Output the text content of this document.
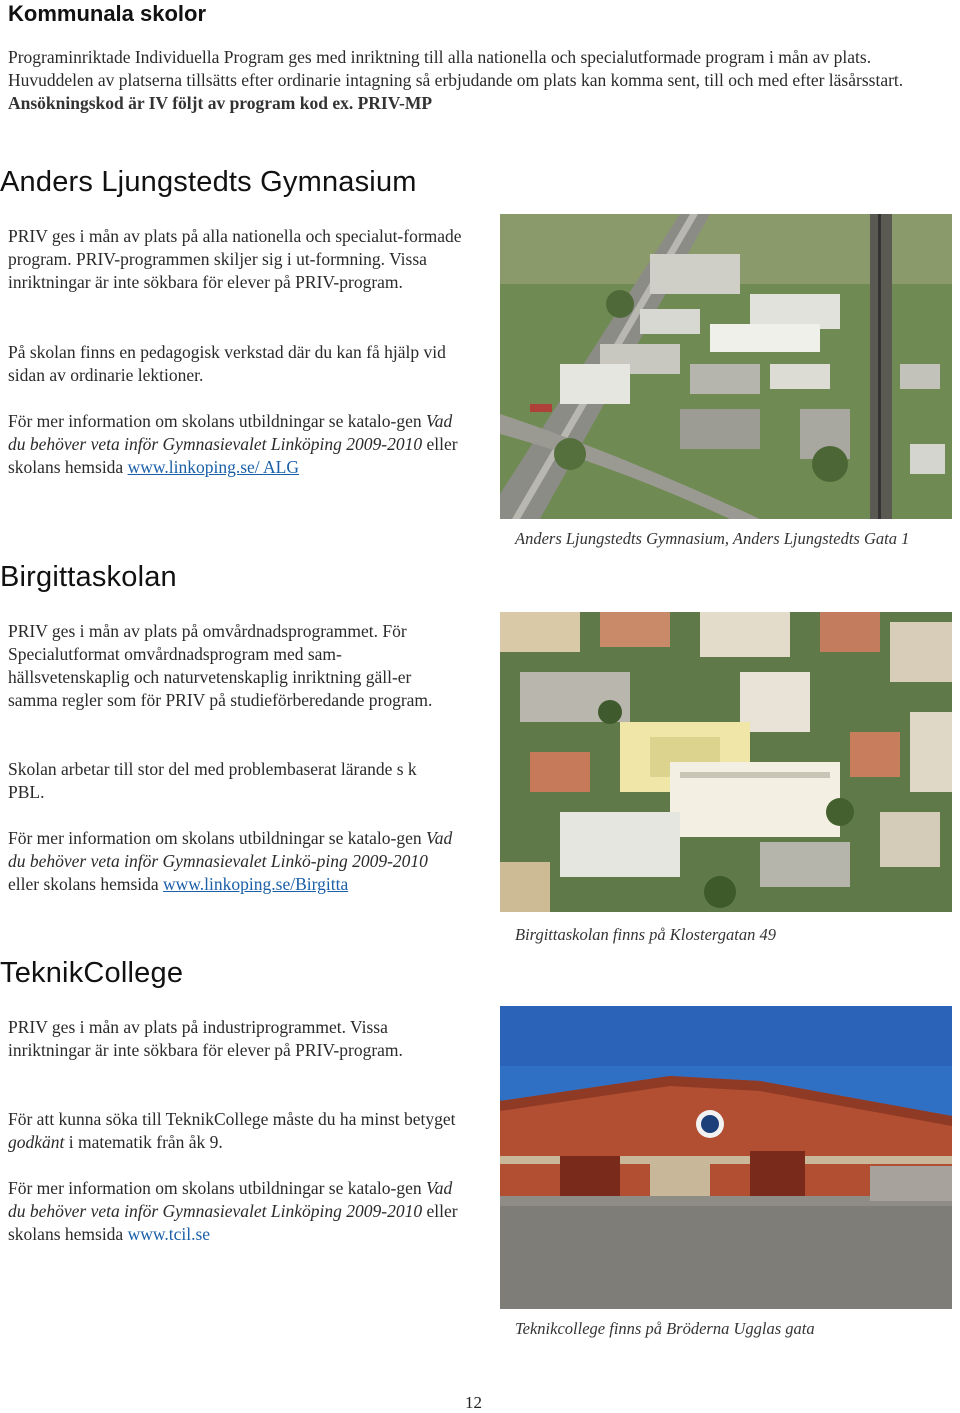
Kommunala skolor

Programinriktade Individuella Program ges med inriktning till alla nationella och specialutformade program i mån av plats. Huvuddelen av platserna tillsätts efter ordinarie intagning så erbjudande om plats kan komma sent, till och med efter läsårsstart. Ansökningskod är IV följt av program kod ex. PRIV-MP

Anders Ljungstedts Gymnasium

PRIV ges i mån av plats på alla nationella och specialut-formade program. PRIV-programmen skiljer sig i ut-formning. Vissa inriktningar är inte sökbara för elever på PRIV-program.

På skolan finns en pedagogisk verkstad där du kan få hjälp vid sidan av ordinarie lektioner.

För mer information om skolans utbildningar se katalo-gen Vad du behöver veta inför Gymnasievalet Linköping 2009-2010 eller skolans hemsida www.linkoping.se/ ALG

Anders Ljungstedts Gymnasium, Anders Ljungstedts Gata 1
Birgittaskolan

PRIV ges i mån av plats på omvårdnadsprogrammet. För Specialutformat omvårdnadsprogram med sam-hällsvetenskaplig och naturvetenskaplig inriktning gäll-er samma regler som för PRIV på studieförberedande program.

Skolan arbetar till stor del med problembaserat lärande s k PBL.

För mer information om skolans utbildningar se katalo-gen Vad du behöver veta inför Gymnasievalet Linkö-ping 2009-2010 eller skolans hemsida www.linkoping.se/Birgitta

Birgittaskolan finns på Klostergatan 49
TeknikCollege

PRIV ges i mån av plats på industriprogrammet. Vissa inriktningar är inte sökbara för elever på PRIV-program.

För att kunna söka till TeknikCollege måste du ha minst betyget godkänt i matematik från åk 9.

För mer information om skolans utbildningar se katalo-gen Vad du behöver veta inför Gymnasievalet Linköping 2009-2010 eller skolans hemsida www.tcil.se

Teknikcollege finns på Bröderna Ugglas gata
12
